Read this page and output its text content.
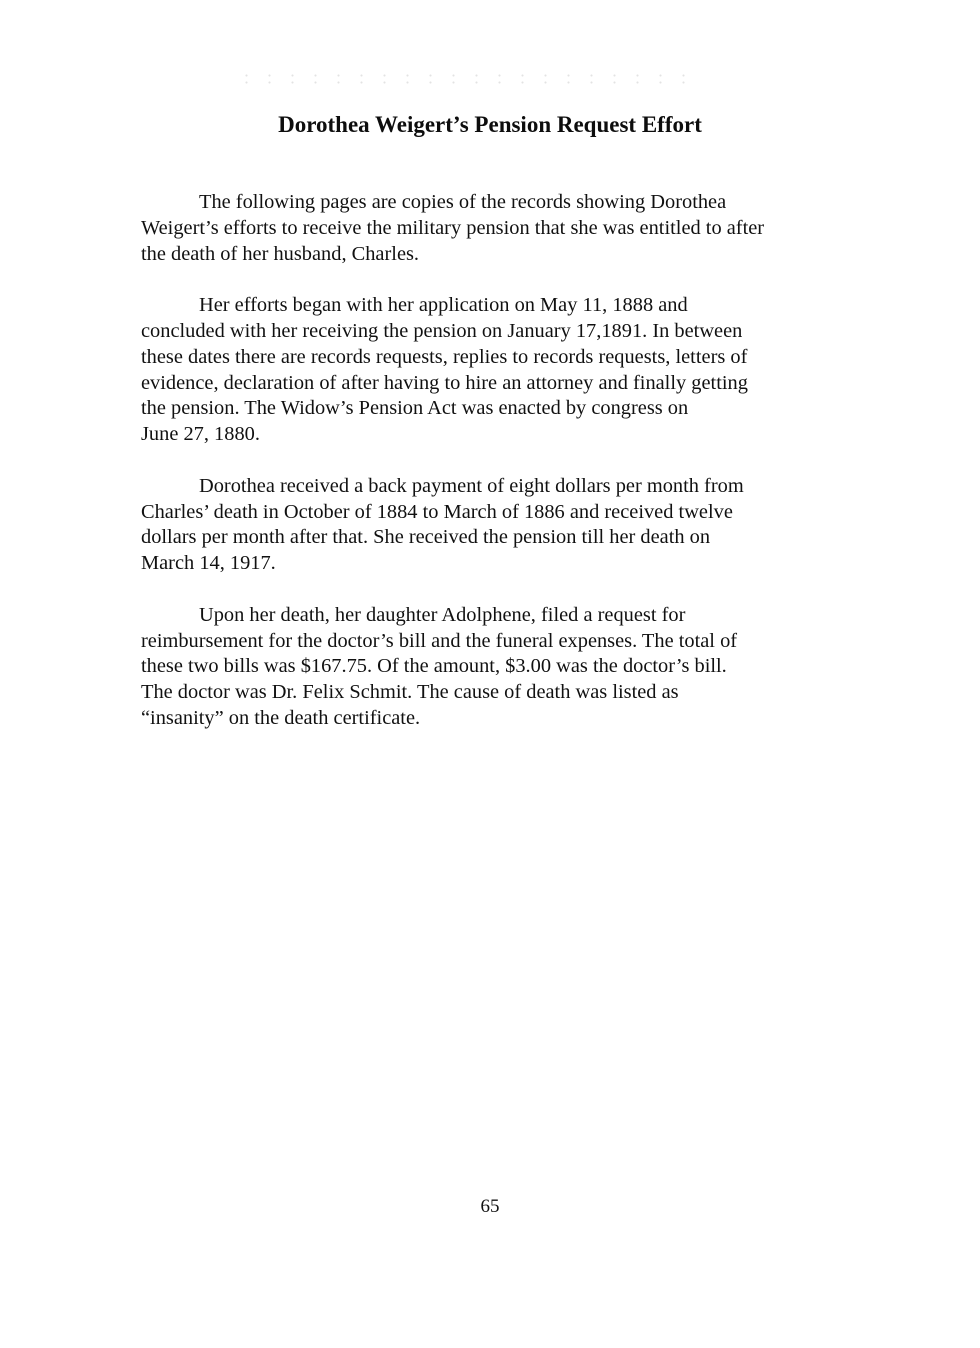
Dorothea Weigert’s Pension Request Effort

The following pages are copies of the records showing Dorothea
Weigert’s efforts to receive the military pension that she was entitled to after
the death of her husband, Charles.

Her efforts began with her application on May 11, 1888 and
concluded with her receiving the pension on January 17,1891. In between
these dates there are records requests, replies to records requests, letters of
evidence, declaration of after having to hire an attorney and finally getting
the pension. The Widow’s Pension Act was enacted by congress on
June 27, 1880.

Dorothea received a back payment of eight dollars per month from
Charles’ death in October of 1884 to March of 1886 and received twelve
dollars per month after that. She received the pension till her death on
March 14, 1917.

Upon her death, her daughter Adolphene, filed a request for
reimbursement for the doctor’s bill and the funeral expenses. The total of
these two bills was $167.75. Of the amount, $3.00 was the doctor’s bill.
The doctor was Dr. Felix Schmit. The cause of death was listed as
“insanity” on the death certificate.

65
